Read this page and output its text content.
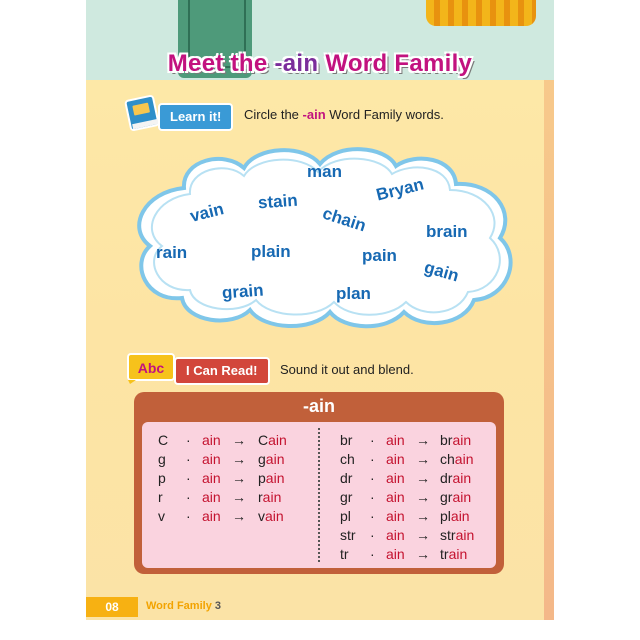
Meet the -ain Word Family
Learn it!	Circle the -ain Word Family words.
man
stain	Bryan
vain	chain	brain
rain	plain	pain
gain
grain	plan
Abc	I Can Read!	Sound it out and blend.
-ain
C · ain → Cain
g · ain → gain
p · ain → pain
r · ain → rain
v · ain → vain
br · ain → brain
ch · ain → chain
dr · ain → drain
gr · ain → grain
pl · ain → plain
str · ain → strain
tr · ain → train
08	Word Family 3
